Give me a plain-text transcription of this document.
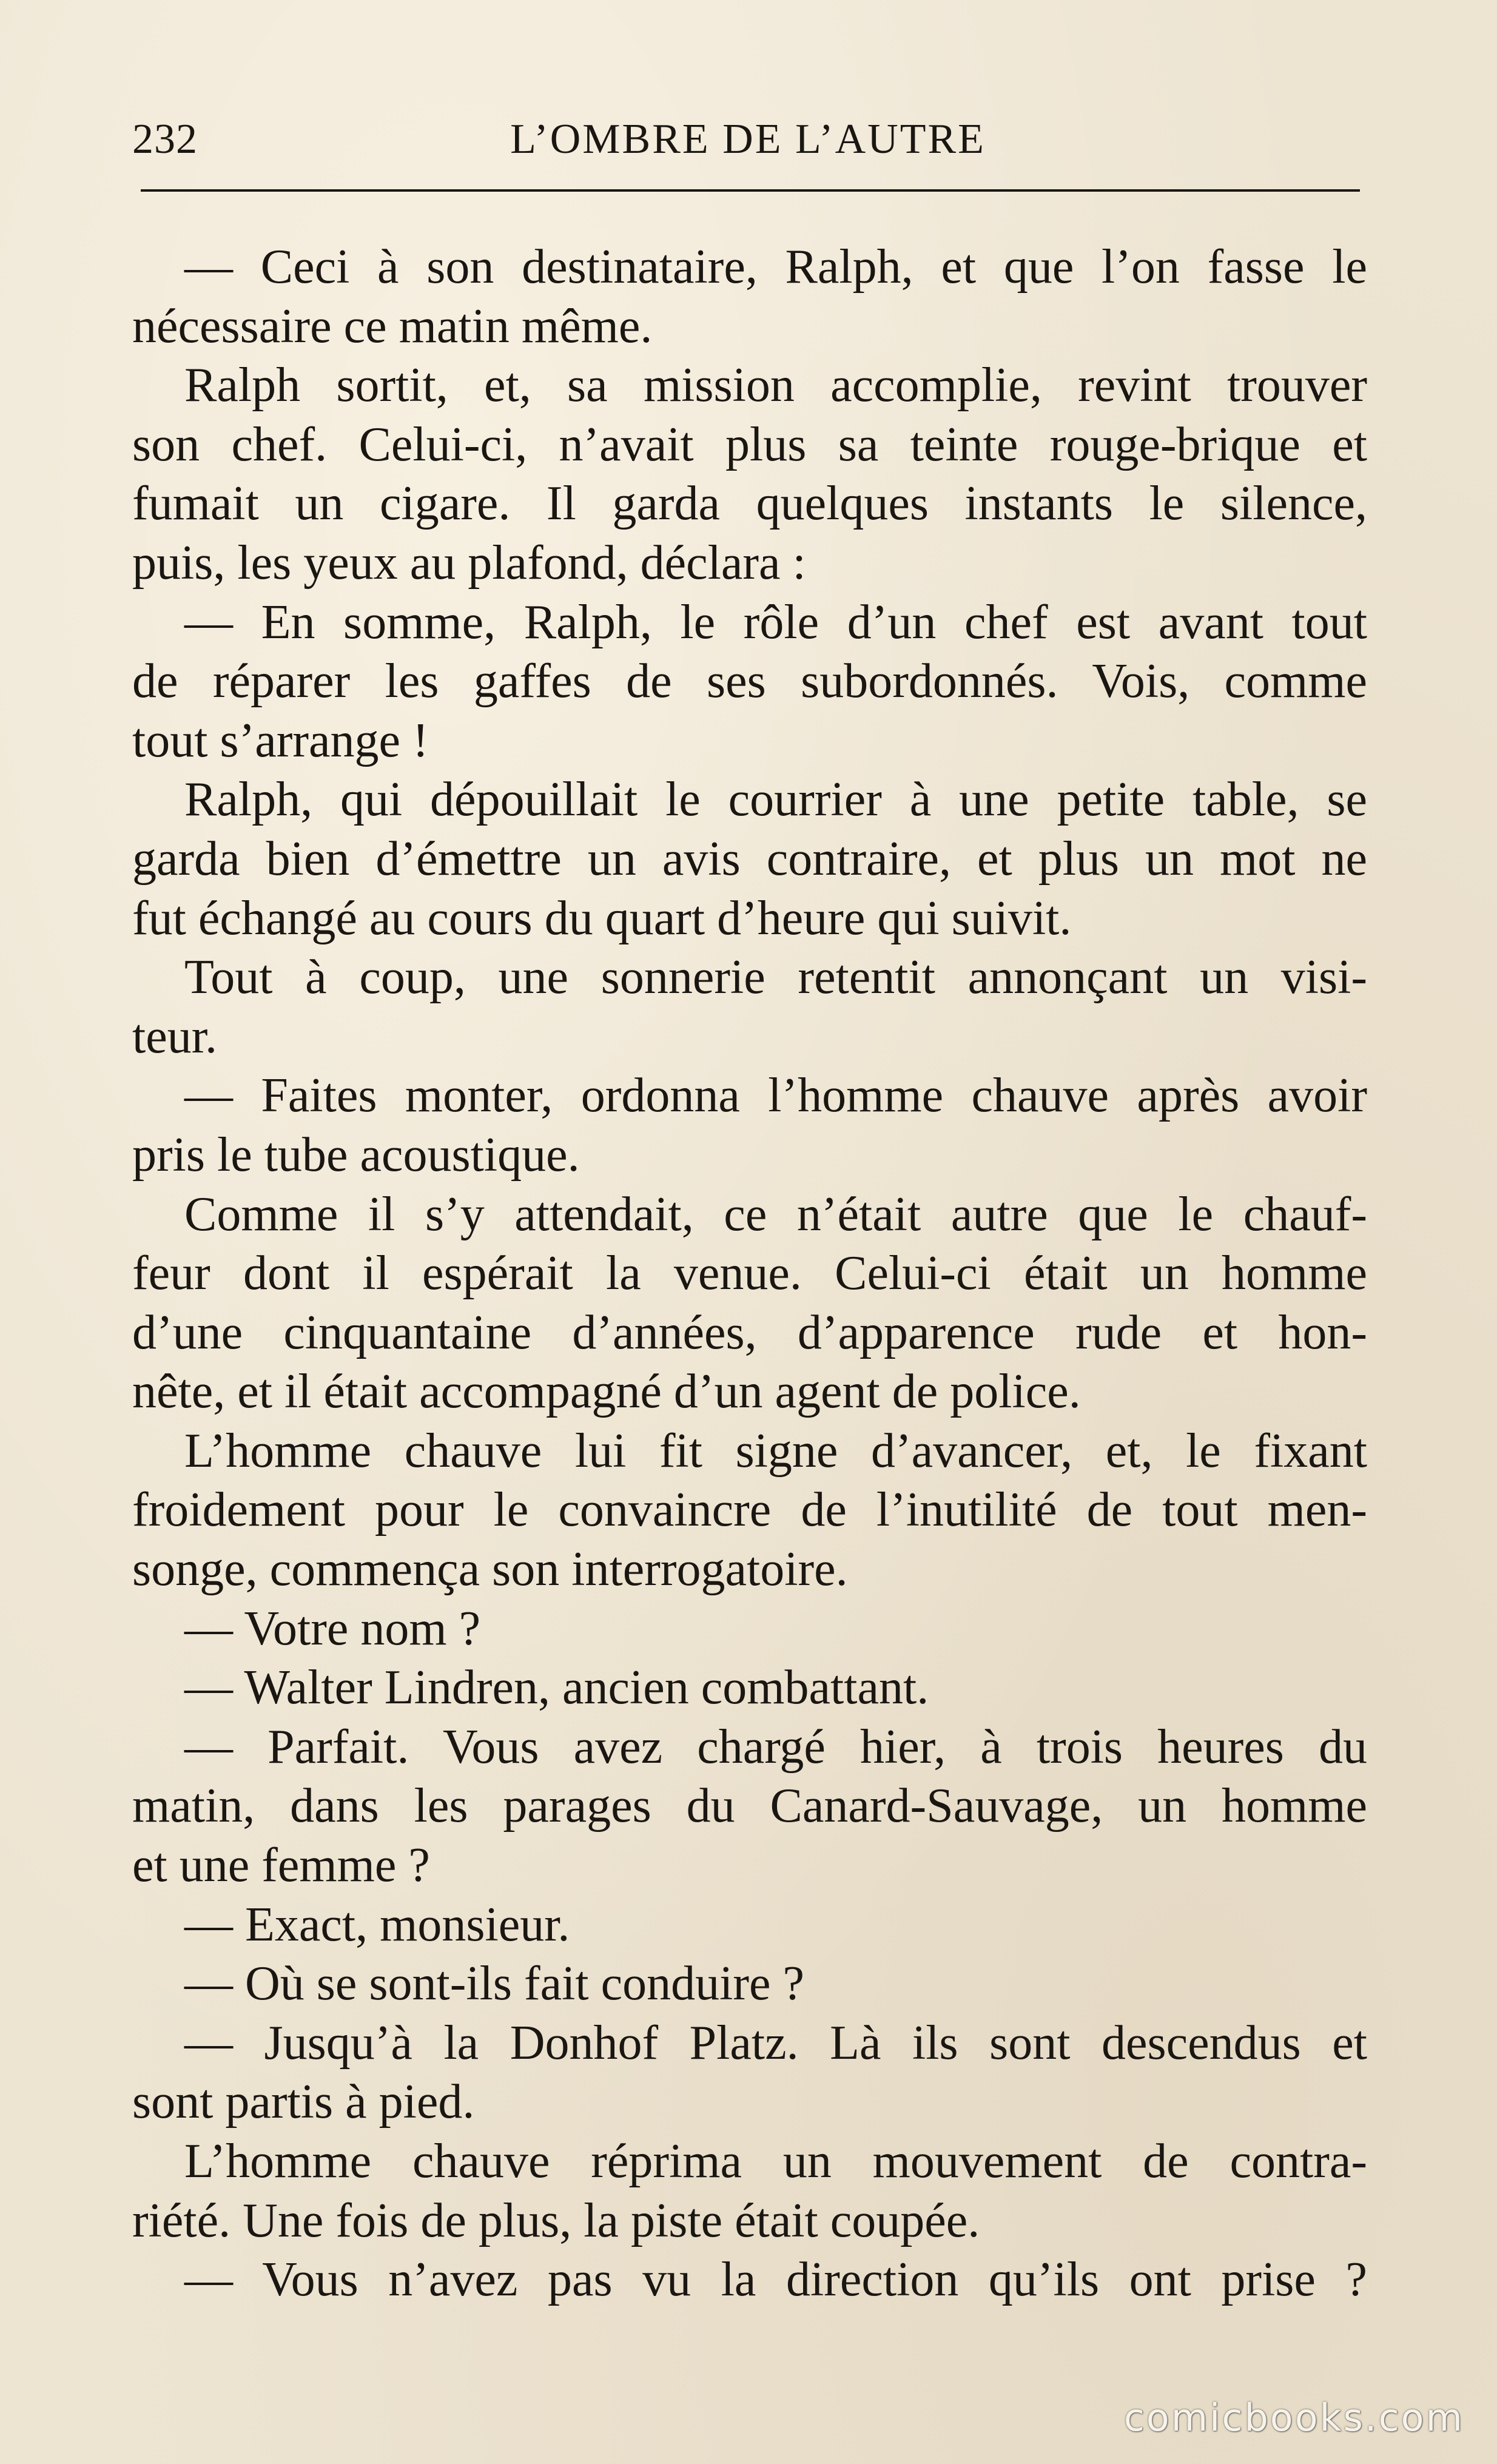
232	L’OMBRE DE L’AUTRE
— Ceci à son destinataire, Ralph, et que l’on fasse le
nécessaire ce matin même.
Ralph sortit, et, sa mission accomplie, revint trouver
son chef. Celui-ci, n’avait plus sa teinte rouge-brique et
fumait un cigare. Il garda quelques instants le silence,
puis, les yeux au plafond, déclara :
— En somme, Ralph, le rôle d’un chef est avant tout
de réparer les gaffes de ses subordonnés. Vois, comme
tout s’arrange !
Ralph, qui dépouillait le courrier à une petite table, se
garda bien d’émettre un avis contraire, et plus un mot ne
fut échangé au cours du quart d’heure qui suivit.
Tout à coup, une sonnerie retentit annonçant un visi-
teur.
— Faites monter, ordonna l’homme chauve après avoir
pris le tube acoustique.
Comme il s’y attendait, ce n’était autre que le chauf-
feur dont il espérait la venue. Celui-ci était un homme
d’une cinquantaine d’années, d’apparence rude et hon-
nête, et il était accompagné d’un agent de police.
L’homme chauve lui fit signe d’avancer, et, le fixant
froidement pour le convaincre de l’inutilité de tout men-
songe, commença son interrogatoire.
— Votre nom ?
— Walter Lindren, ancien combattant.
— Parfait. Vous avez chargé hier, à trois heures du
matin, dans les parages du Canard-Sauvage, un homme
et une femme ?
— Exact, monsieur.
— Où se sont-ils fait conduire ?
— Jusqu’à la Donhof Platz. Là ils sont descendus et
sont partis à pied.
L’homme chauve réprima un mouvement de contra-
riété. Une fois de plus, la piste était coupée.
— Vous n’avez pas vu la direction qu’ils ont prise ?
comicbooks.com
